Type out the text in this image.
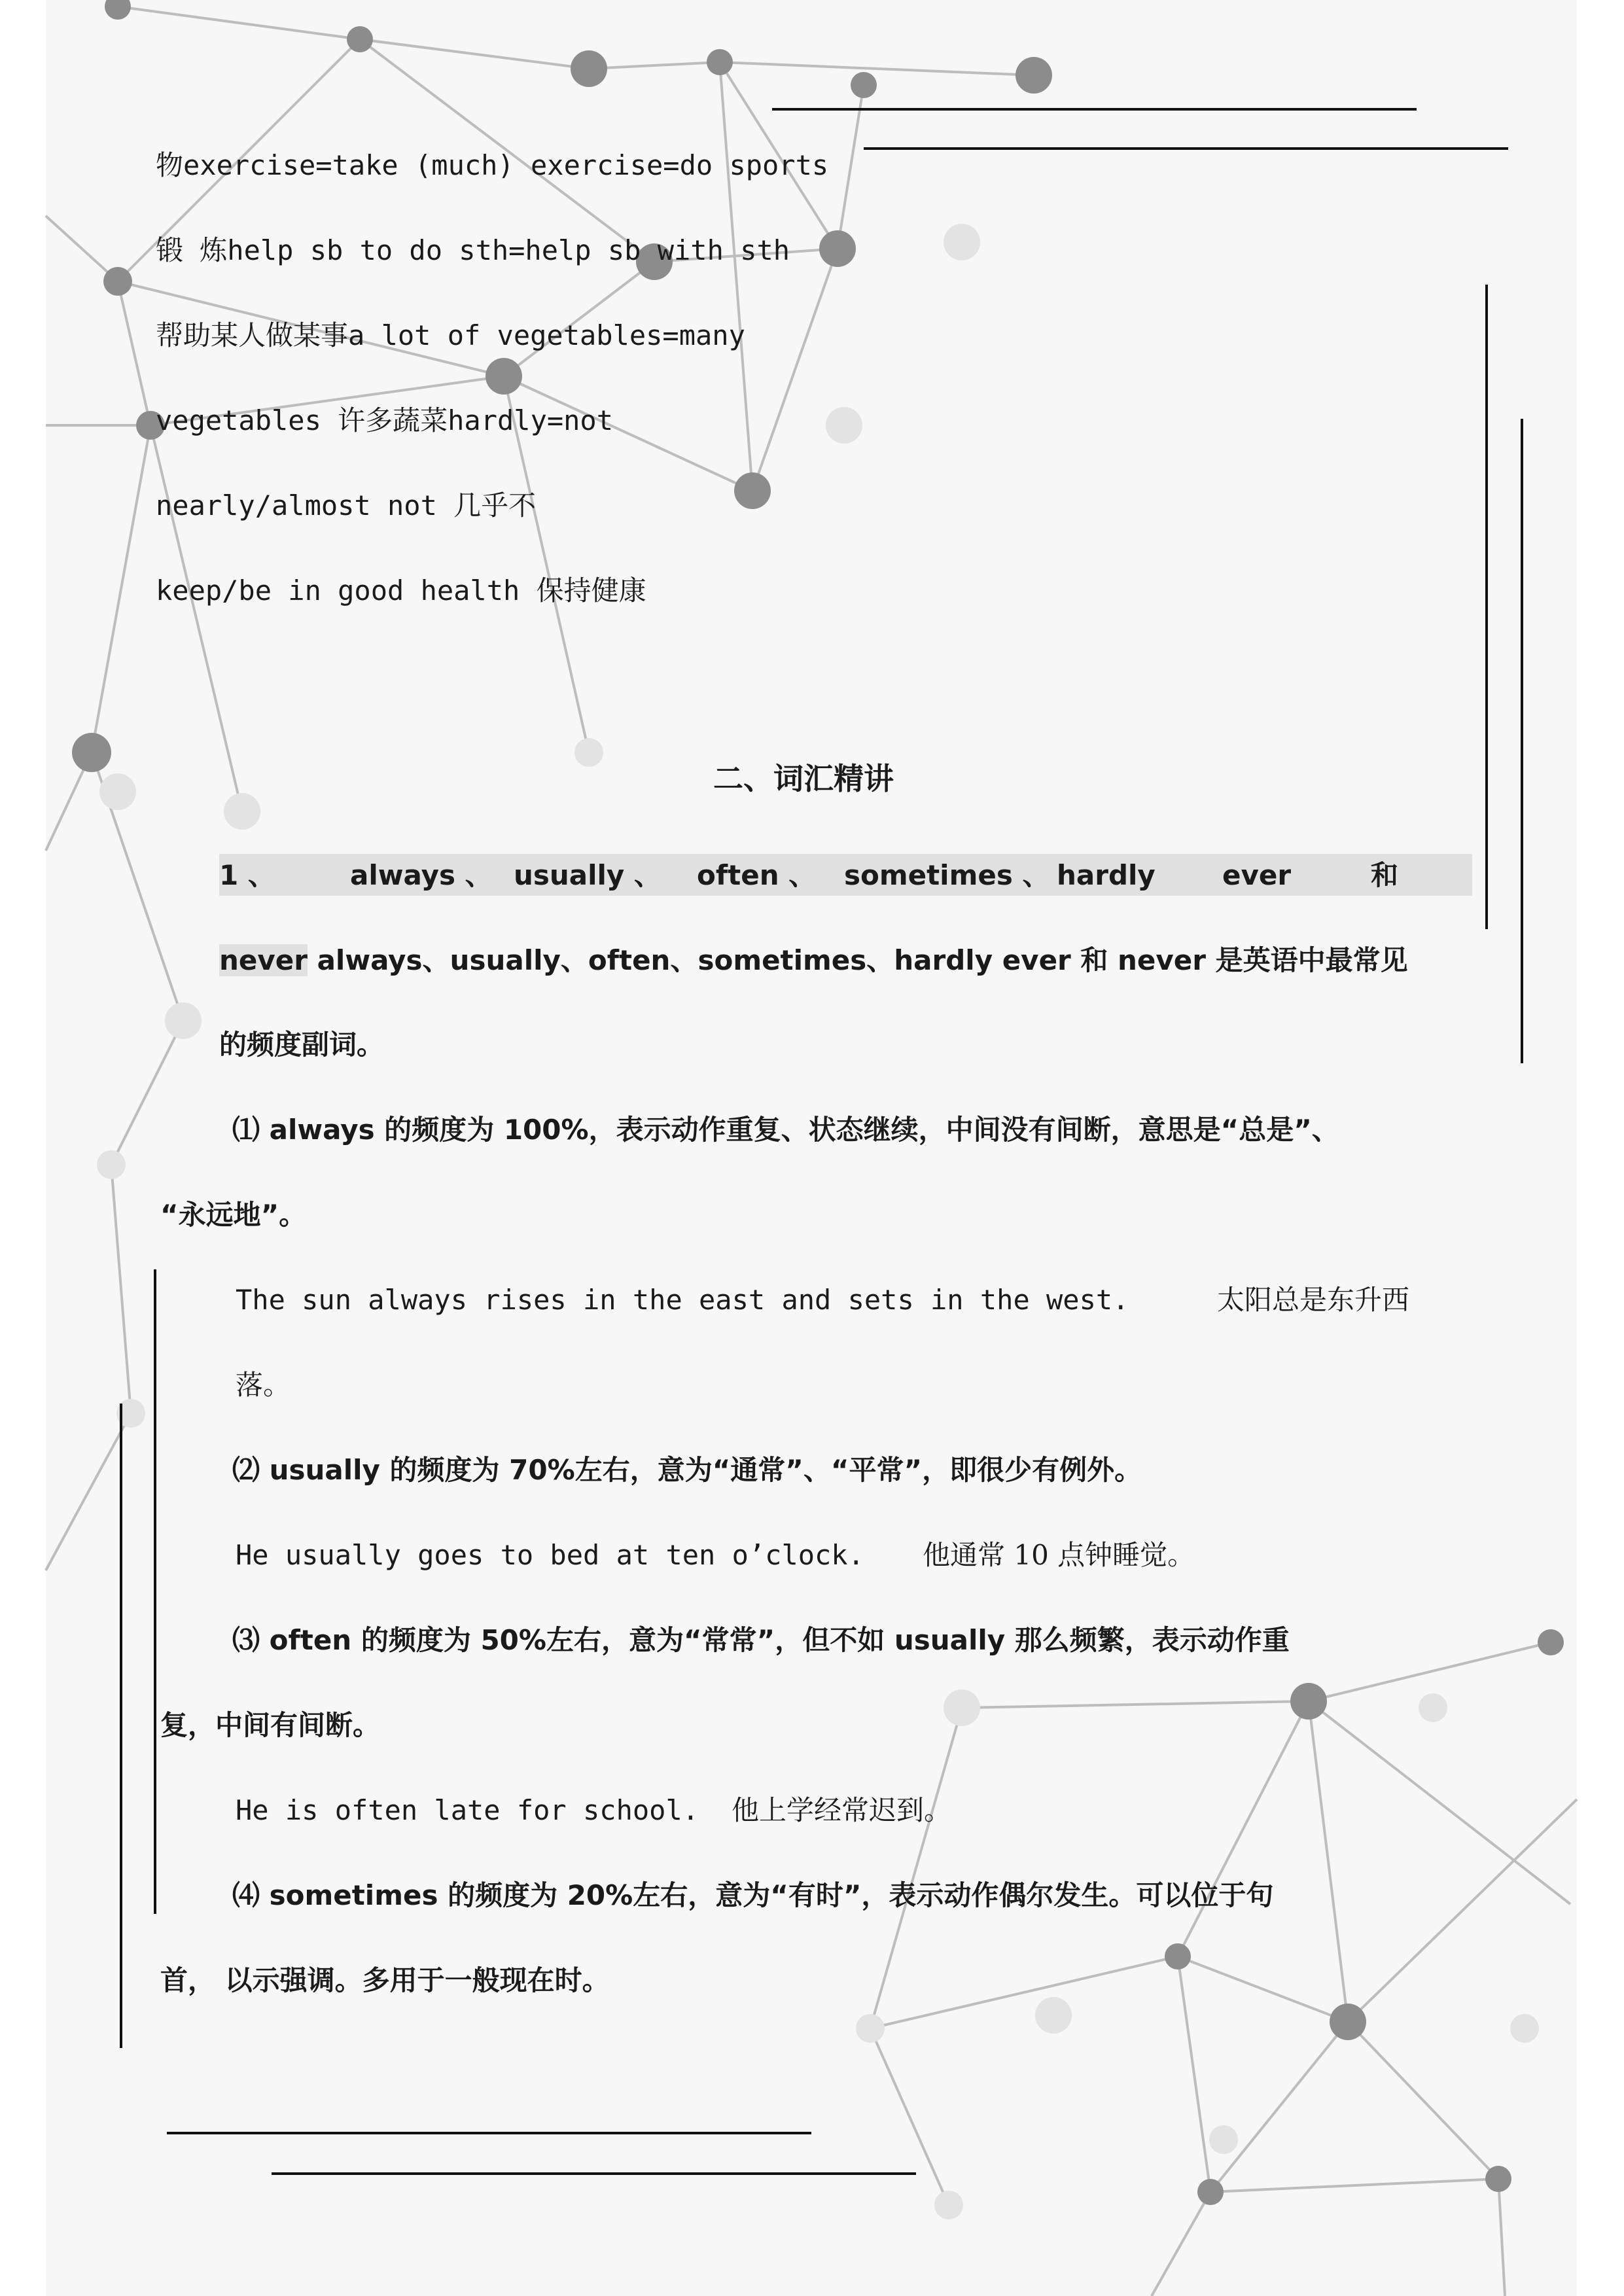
物exercise=take (much) exercise=do sports
锻 炼help sb to do sth=help sb with sth
帮助某人做某事a lot of vegetables=many
vegetables 许多蔬菜hardly=not
nearly/almost not 几乎不
keep/be in good health 保持健康
二、词汇精讲
1 、	always 、 usually 、 often 、 sometimes 、 hardly ever	和
never always、usually、often、sometimes、hardly ever 和 never 是英语中最常见
的频度副词。
⑴ always 的频度为 100%，表示动作重复、状态继续，中间没有间断，意思是“总是”、
“永远地”。
The sun always rises in the east and sets in the west.	太阳总是东升西
落。
⑵ usually 的频度为 70%左右，意为“通常”、“平常”，即很少有例外。
He usually goes to bed at ten o’clock. 他通常 10 点钟睡觉。
⑶ often 的频度为 50%左右，意为“常常”，但不如 usually 那么频繁，表示动作重
复，中间有间断。
He is often late for school. 他上学经常迟到。
⑷ sometimes 的频度为 20%左右，意为“有时”，表示动作偶尔发生。可以位于句
首， 以示强调。多用于一般现在时。
